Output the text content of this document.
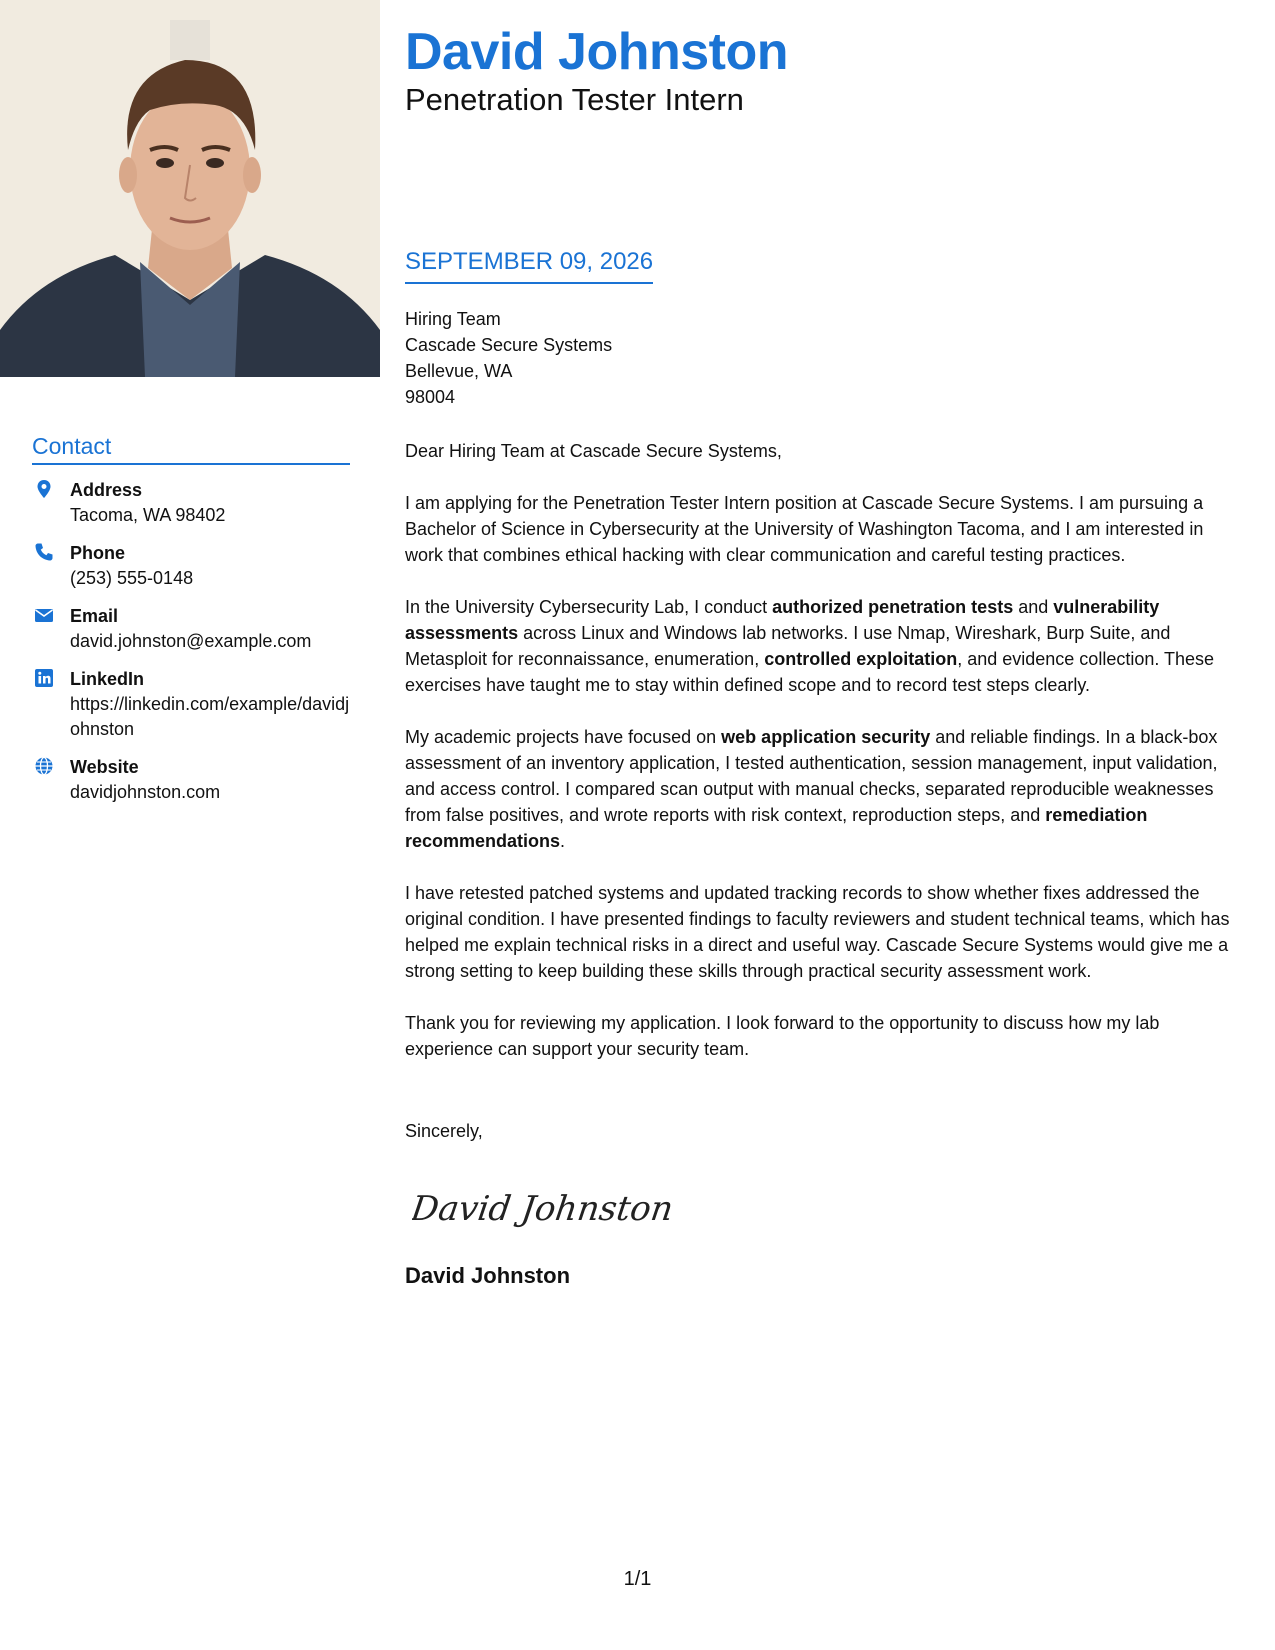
David Johnston
Penetration Tester Intern
SEPTEMBER 09, 2026
Hiring Team
Cascade Secure Systems
Bellevue, WA
98004

Dear Hiring Team at Cascade Secure Systems,

I am applying for the Penetration Tester Intern position at Cascade Secure Systems. I am pursuing a Bachelor of Science in Cybersecurity at the University of Washington Tacoma, and I am interested in work that combines ethical hacking with clear communication and careful testing practices.

In the University Cybersecurity Lab, I conduct authorized penetration tests and vulnerability assessments across Linux and Windows lab networks. I use Nmap, Wireshark, Burp Suite, and Metasploit for reconnaissance, enumeration, controlled exploitation, and evidence collection. These exercises have taught me to stay within defined scope and to record test steps clearly.

My academic projects have focused on web application security and reliable findings. In a black-box assessment of an inventory application, I tested authentication, session management, input validation, and access control. I compared scan output with manual checks, separated reproducible weaknesses from false positives, and wrote reports with risk context, reproduction steps, and remediation recommendations.

I have retested patched systems and updated tracking records to show whether fixes addressed the original condition. I have presented findings to faculty reviewers and student technical teams, which has helped me explain technical risks in a direct and useful way. Cascade Secure Systems would give me a strong setting to keep building these skills through practical security assessment work.

Thank you for reviewing my application. I look forward to the opportunity to discuss how my lab experience can support your security team.

Sincerely,
David Johnston
David Johnston
Contact
Address
Tacoma, WA 98402
Phone
(253) 555-0148
Email
david.johnston@example.com
LinkedIn
https://linkedin.com/example/davidjohnston
Website
davidjohnston.com
1/1
